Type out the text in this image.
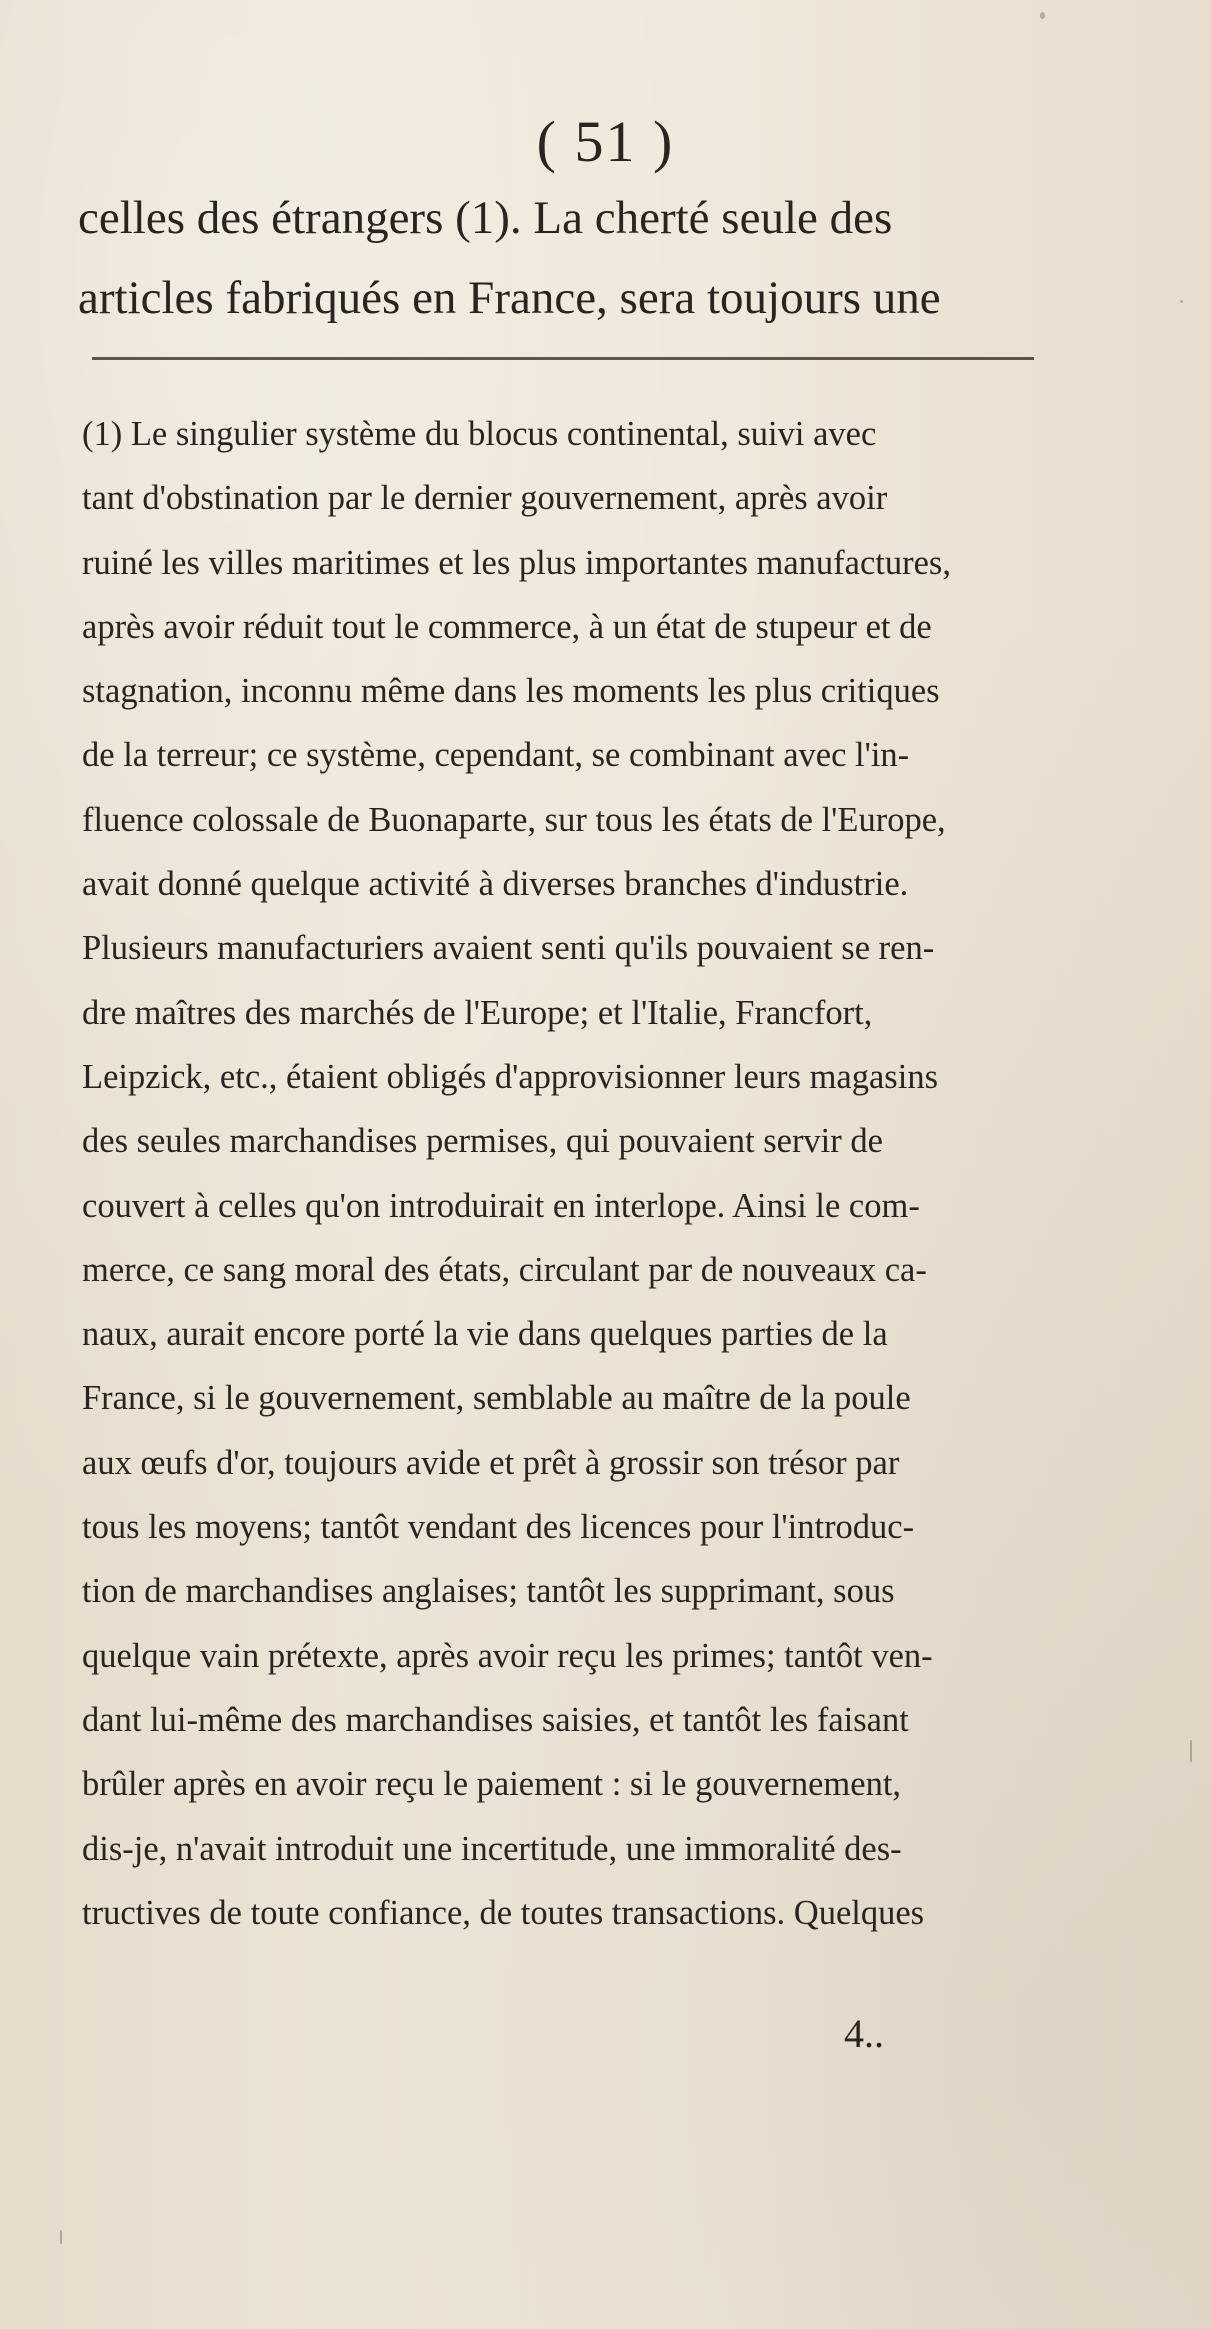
( 51 )
celles des étrangers (1). La cherté seule des
articles fabriqués en France, sera toujours une
(1) Le singulier système du blocus continental, suivi avec
tant d'obstination par le dernier gouvernement, après avoir
ruiné les villes maritimes et les plus importantes manufactures,
après avoir réduit tout le commerce, à un état de stupeur et de
stagnation, inconnu même dans les moments les plus critiques
de la terreur; ce système, cependant, se combinant avec l'in-
fluence colossale de Buonaparte, sur tous les états de l'Europe,
avait donné quelque activité à diverses branches d'industrie.
Plusieurs manufacturiers avaient senti qu'ils pouvaient se ren-
dre maîtres des marchés de l'Europe; et l'Italie, Francfort,
Leipzick, etc., étaient obligés d'approvisionner leurs magasins
des seules marchandises permises, qui pouvaient servir de
couvert à celles qu'on introduirait en interlope. Ainsi le com-
merce, ce sang moral des états, circulant par de nouveaux ca-
naux, aurait encore porté la vie dans quelques parties de la
France, si le gouvernement, semblable au maître de la poule
aux œufs d'or, toujours avide et prêt à grossir son trésor par
tous les moyens; tantôt vendant des licences pour l'introduc-
tion de marchandises anglaises; tantôt les supprimant, sous
quelque vain prétexte, après avoir reçu les primes; tantôt ven-
dant lui-même des marchandises saisies, et tantôt les faisant
brûler après en avoir reçu le paiement : si le gouvernement,
dis-je, n'avait introduit une incertitude, une immoralité des-
tructives de toute confiance, de toutes transactions. Quelques
4..
